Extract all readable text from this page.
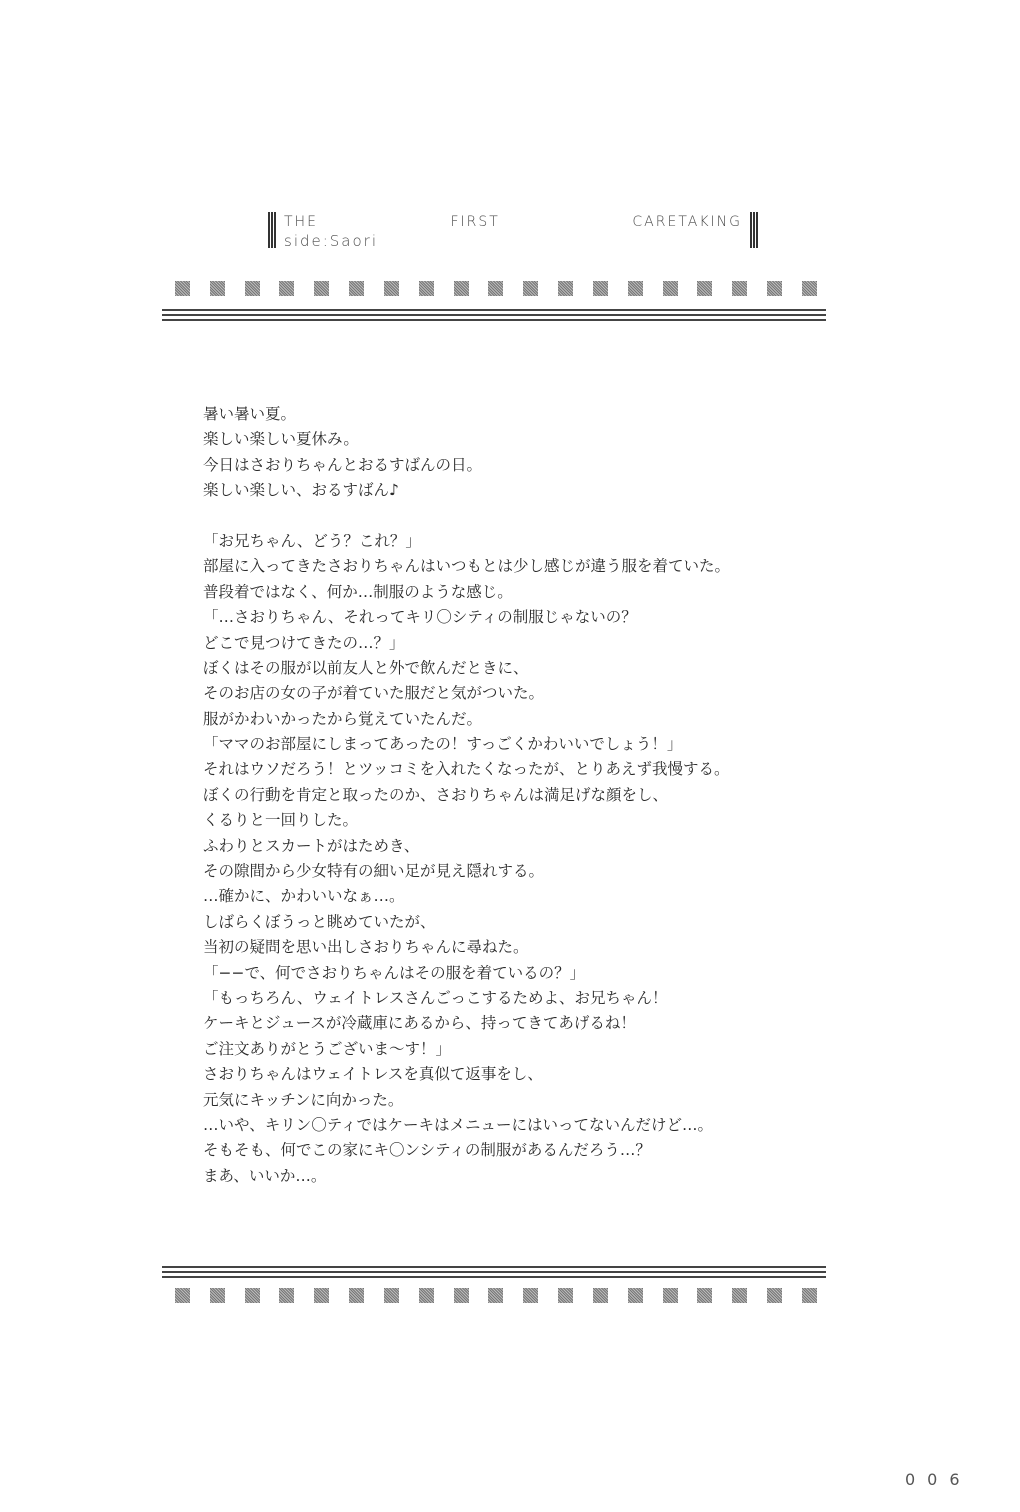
THE FIRST CARETAKING
side:Saori
暑い暑い夏。
楽しい楽しい夏休み。
今日はさおりちゃんとおるすばんの日。
楽しい楽しい、おるすばん♪
「お兄ちゃん、どう？これ？」
部屋に入ってきたさおりちゃんはいつもとは少し感じが違う服を着ていた。
普段着ではなく、何か…制服のような感じ。
「…さおりちゃん、それってキリ〇シティの制服じゃないの？
どこで見つけてきたの…？」
ぼくはその服が以前友人と外で飲んだときに、
そのお店の女の子が着ていた服だと気がついた。
服がかわいかったから覚えていたんだ。
「ママのお部屋にしまってあったの！すっごくかわいいでしょう！」
それはウソだろう！とツッコミを入れたくなったが、とりあえず我慢する。
ぼくの行動を肯定と取ったのか、さおりちゃんは満足げな顔をし、
くるりと一回りした。
ふわりとスカートがはためき、
その隙間から少女特有の細い足が見え隠れする。
…確かに、かわいいなぁ…。
しばらくぼうっと眺めていたが、
当初の疑問を思い出しさおりちゃんに尋ねた。
「−−で、何でさおりちゃんはその服を着ているの？」
「もっちろん、ウェイトレスさんごっこするためよ、お兄ちゃん！
ケーキとジュースが冷蔵庫にあるから、持ってきてあげるね！
ご注文ありがとうございま〜す！」
さおりちゃんはウェイトレスを真似て返事をし、
元気にキッチンに向かった。
…いや、キリン〇ティではケーキはメニューにはいってないんだけど…。
そもそも、何でこの家にキ〇ンシティの制服があるんだろう…？
まあ、いいか…。
006
